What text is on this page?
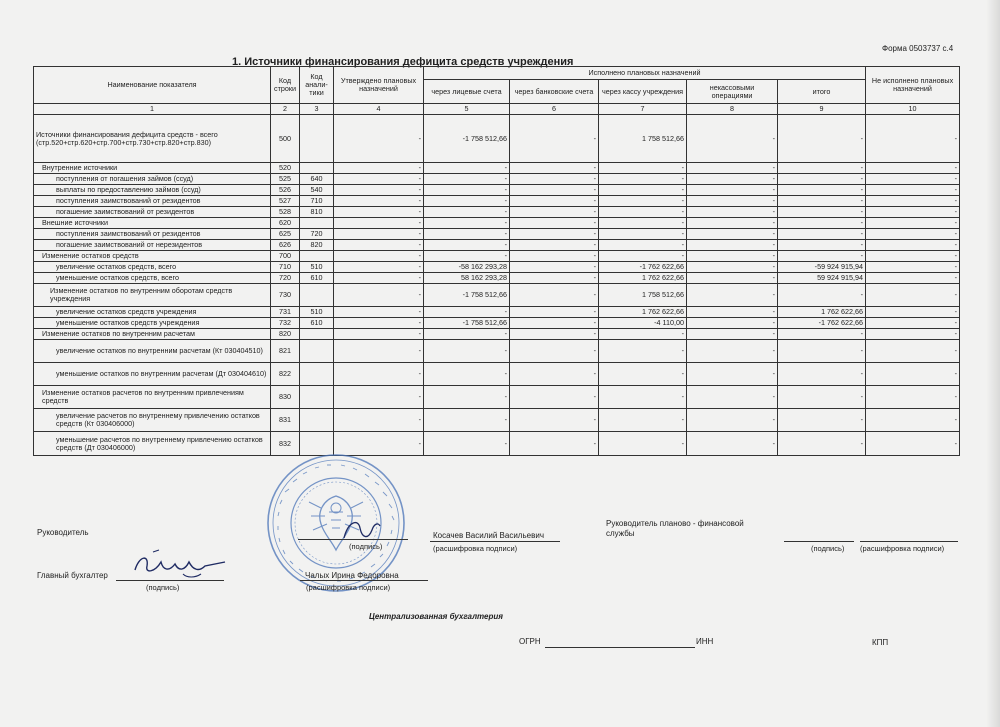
Форма 0503737 с.4
1. Источники финансирования дефицита средств учреждения
Наименование показателя	Код строки	Код анали-тики	Утверждено плановых назначений	Исполнено плановых назначений					Не исполнено плановых назначений
				через лицевые счета	через банковские счета	через кассу учреждения	некассовыми операциями	итого	
1	2	3	4	5	6	7	8	9	10
Источники финансирования дефицита средств - всего (стр.520+стр.620+стр.700+стр.730+стр.820+стр.830)	500		-	-1 758 512,66	-	1 758 512,66	-	-	-
Внутренние источники	520		-	-	-	-	-	-	-
поступления от погашения займов (ссуд)	525	640	-	-	-	-	-	-	-
выплаты по предоставлению займов (ссуд)	526	540	-	-	-	-	-	-	-
поступления заимствований от резидентов	527	710	-	-	-	-	-	-	-
погашение заимствований от резидентов	528	810	-	-	-	-	-	-	-
Внешние источники	620		-	-	-	-	-	-	-
поступления заимствований от резидентов	625	720	-	-	-	-	-	-	-
погашение заимствований от нерезидентов	626	820	-	-	-	-	-	-	-
Изменение остатков средств	700		-	-	-	-	-	-	-
увеличение остатков средств, всего	710	510	-	-58 162 293,28	-	-1 762 622,66	-	-59 924 915,94	-
уменьшение остатков средств, всего	720	610	-	58 162 293,28	-	1 762 622,66	-	59 924 915,94	-
Изменение остатков по внутренним оборотам средств учреждения	730		-	-1 758 512,66	-	1 758 512,66	-	-	-
увеличение остатков средств учреждения	731	510	-	-	-	1 762 622,66	-	1 762 622,66	-
уменьшение остатков средств учреждения	732	610	-	-1 758 512,66	-	-4 110,00	-	-1 762 622,66	-
Изменение остатков по внутренним расчетам	820		-	-	-	-	-	-	-
увеличение остатков по внутренним расчетам (Кт 030404510)	821		-	-	-	-	-	-	-
уменьшение остатков по внутренним расчетам (Дт 030404610)	822		-	-	-	-	-	-	-
Изменение остатков расчетов по внутренним привлечениям средств	830		-	-	-	-	-	-	-
увеличение расчетов по внутреннему привлечению остатков средств (Кт 030406000)	831		-	-	-	-	-	-	-
уменьшение расчетов по внутреннему привлечению остатков средств (Дт 030406000)	832		-	-	-	-	-	-	-
Руководитель
(подпись)
Косачев Василий Васильевич
(расшифровка подписи)
Руководитель планово - финансовой службы
(подпись) (расшифровка подписи)
Главный бухгалтер
(подпись)
Чалых Ирина Федоровна
(расшифровка подписи)
Централизованная бухгалтерия
ОГРН	ИНН	КПП
